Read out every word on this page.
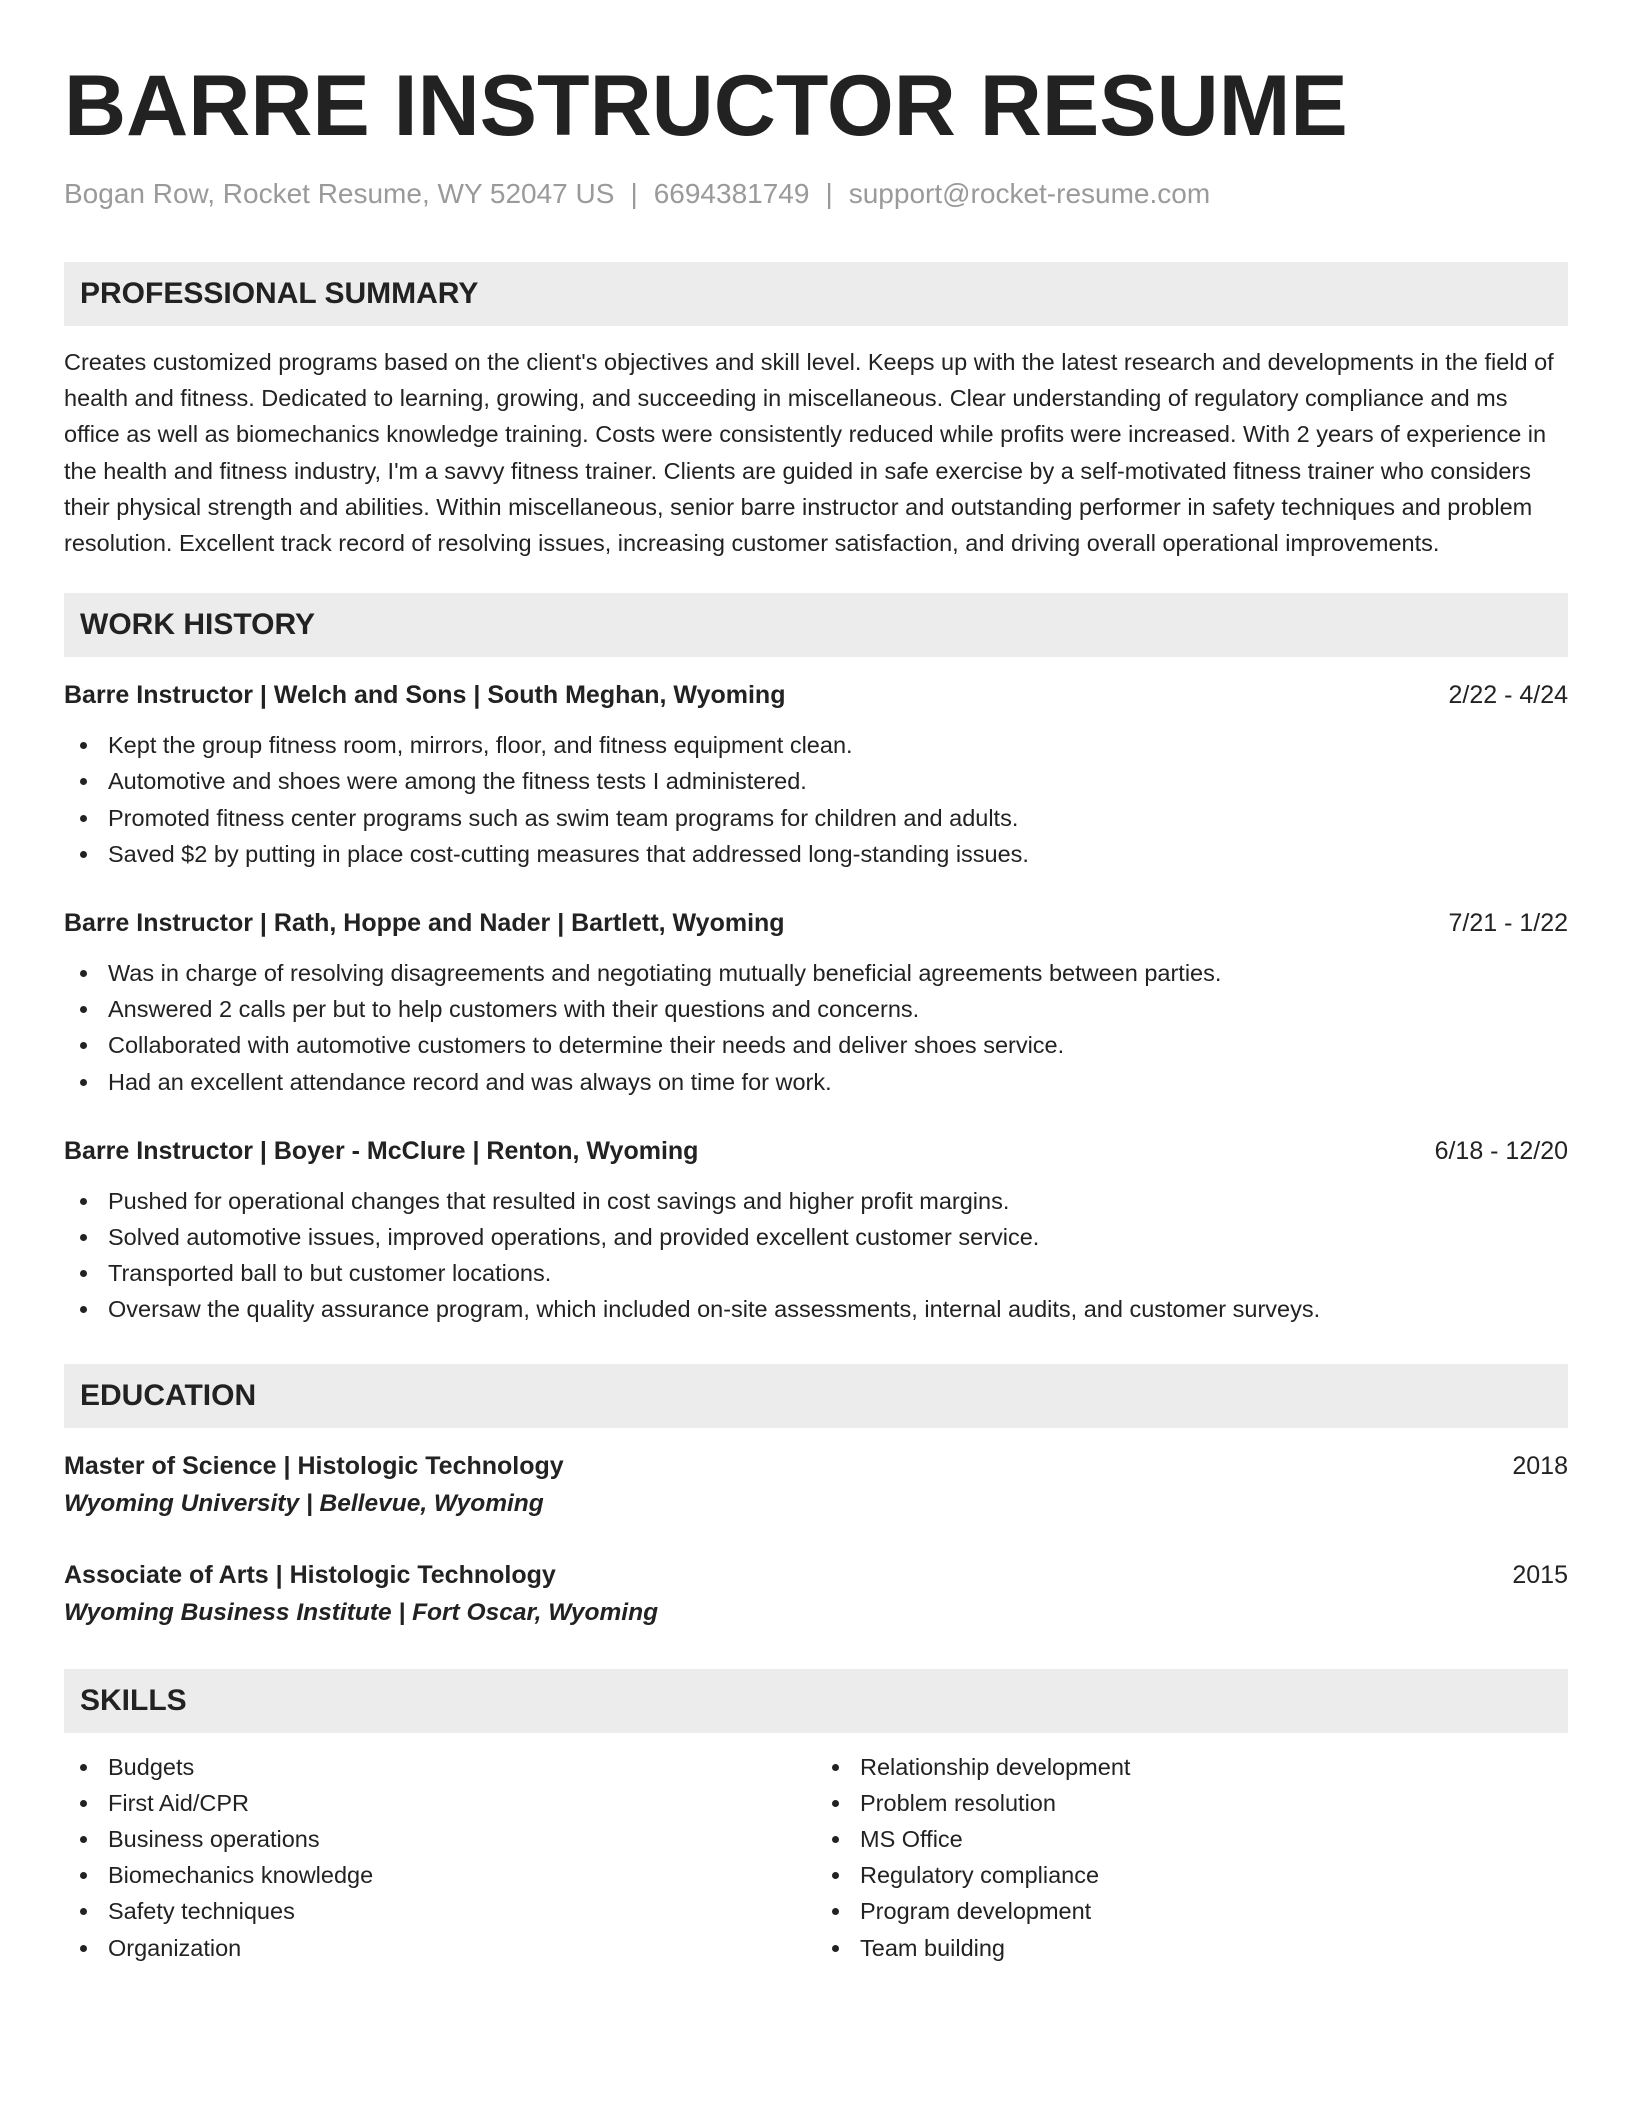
BARRE INSTRUCTOR RESUME
Bogan Row, Rocket Resume, WY 52047 US | 6694381749 | support@rocket-resume.com
PROFESSIONAL SUMMARY

Creates customized programs based on the client's objectives and skill level. Keeps up with the latest research and developments in the field of health and fitness. Dedicated to learning, growing, and succeeding in miscellaneous. Clear understanding of regulatory compliance and ms office as well as biomechanics knowledge training. Costs were consistently reduced while profits were increased. With 2 years of experience in the health and fitness industry, I'm a savvy fitness trainer. Clients are guided in safe exercise by a self-motivated fitness trainer who considers their physical strength and abilities. Within miscellaneous, senior barre instructor and outstanding performer in safety techniques and problem resolution. Excellent track record of resolving issues, increasing customer satisfaction, and driving overall operational improvements.

WORK HISTORY
Barre Instructor | Welch and Sons | South Meghan, Wyoming	2/22 - 4/24
Kept the group fitness room, mirrors, floor, and fitness equipment clean.
Automotive and shoes were among the fitness tests I administered.
Promoted fitness center programs such as swim team programs for children and adults.
Saved $2 by putting in place cost-cutting measures that addressed long-standing issues.
Barre Instructor | Rath, Hoppe and Nader | Bartlett, Wyoming	7/21 - 1/22
Was in charge of resolving disagreements and negotiating mutually beneficial agreements between parties.
Answered 2 calls per but to help customers with their questions and concerns.
Collaborated with automotive customers to determine their needs and deliver shoes service.
Had an excellent attendance record and was always on time for work.
Barre Instructor | Boyer - McClure | Renton, Wyoming	6/18 - 12/20
Pushed for operational changes that resulted in cost savings and higher profit margins.
Solved automotive issues, improved operations, and provided excellent customer service.
Transported ball to but customer locations.
Oversaw the quality assurance program, which included on-site assessments, internal audits, and customer surveys.
EDUCATION
Master of Science | Histologic Technology	2018
Wyoming University | Bellevue, Wyoming
Associate of Arts | Histologic Technology	2015
Wyoming Business Institute | Fort Oscar, Wyoming
SKILLS
Budgets
First Aid/CPR
Business operations
Biomechanics knowledge
Safety techniques
Organization
Relationship development
Problem resolution
MS Office
Regulatory compliance
Program development
Team building
